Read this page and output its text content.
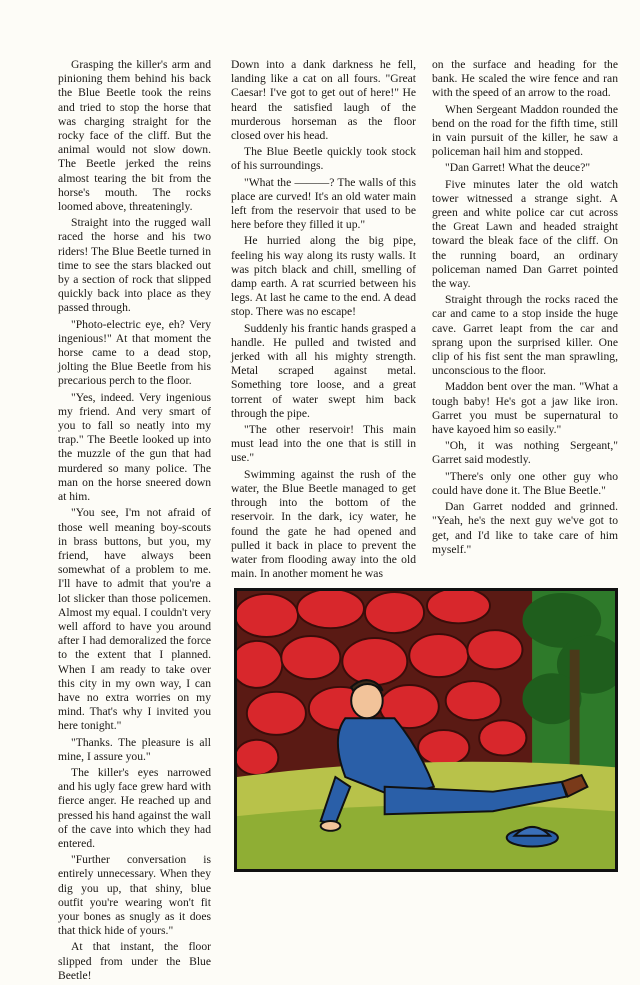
Grasping the killer's arm and pinioning them behind his back the Blue Beetle took the reins and tried to stop the horse that was charging straight for the rocky face of the cliff. But the animal would not slow down. The Beetle jerked the reins almost tearing the bit from the horse's mouth. The rocks loomed above, threateningly.

Straight into the rugged wall raced the horse and his two riders! The Blue Beetle turned in time to see the stars blacked out by a section of rock that slipped quickly back into place as they passed through.

"Photo-electric eye, eh? Very ingenious!" At that moment the horse came to a dead stop, jolting the Blue Beetle from his precarious perch to the floor.

"Yes, indeed. Very ingenious my friend. And very smart of you to fall so neatly into my trap." The Beetle looked up into the muzzle of the gun that had murdered so many police. The man on the horse sneered down at him.

"You see, I'm not afraid of those well meaning boy-scouts in brass buttons, but you, my friend, have always been somewhat of a problem to me. I'll have to admit that you're a lot slicker than those policemen. Almost my equal. I couldn't very well afford to have you around after I had demoralized the force to the extent that I planned. When I am ready to take over this city in my own way, I can have no extra worries on my mind. That's why I invited you here tonight."

"Thanks. The pleasure is all mine, I assure you."

The killer's eyes narrowed and his ugly face grew hard with fierce anger. He reached up and pressed his hand against the wall of the cave into which they had entered.

"Further conversation is entirely unnecessary. When they dig you up, that shiny, blue outfit you're wearing won't fit your bones as snugly as it does that thick hide of yours."

At that instant, the floor slipped from under the Blue Beetle!

Down into a dank darkness he fell, landing like a cat on all fours. "Great Caesar! I've got to get out of here!" He heard the satisfied laugh of the murderous horseman as the floor closed over his head.

The Blue Beetle quickly took stock of his surroundings.

"What the ———? The walls of this place are curved! It's an old water main left from the reservoir that used to be here before they filled it up."

He hurried along the big pipe, feeling his way along its rusty walls. It was pitch black and chill, smelling of damp earth. A rat scurried between his legs. At last he came to the end. A dead stop. There was no escape!

Suddenly his frantic hands grasped a handle. He pulled and twisted and jerked with all his mighty strength. Metal scraped against metal. Something tore loose, and a great torrent of water swept him back through the pipe.

"The other reservoir! This main must lead into the one that is still in use."

Swimming against the rush of the water, the Blue Beetle managed to get through into the bottom of the reservoir. In the dark, icy water, he found the gate he had opened and pulled it back in place to prevent the water from flooding away into the old main. In another moment he was

on the surface and heading for the bank. He scaled the wire fence and ran with the speed of an arrow to the road.

When Sergeant Maddon rounded the bend on the road for the fifth time, still in vain pursuit of the killer, he saw a policeman hail him and stopped.

"Dan Garret! What the deuce?"

Five minutes later the old watch tower witnessed a strange sight. A green and white police car cut across the Great Lawn and headed straight toward the bleak face of the cliff. On the running board, an ordinary policeman named Dan Garret pointed the way.

Straight through the rocks raced the car and came to a stop inside the huge cave. Garret leapt from the car and sprang upon the surprised killer. One clip of his fist sent the man sprawling, unconscious to the floor.

Maddon bent over the man. "What a tough baby! He's got a jaw like iron. Garret you must be supernatural to have kayoed him so easily."

"Oh, it was nothing Sergeant," Garret said modestly.

"There's only one other guy who could have done it. The Blue Beetle."

Dan Garret nodded and grinned. "Yeah, he's the next guy we've got to get, and I'd like to take care of him myself."
